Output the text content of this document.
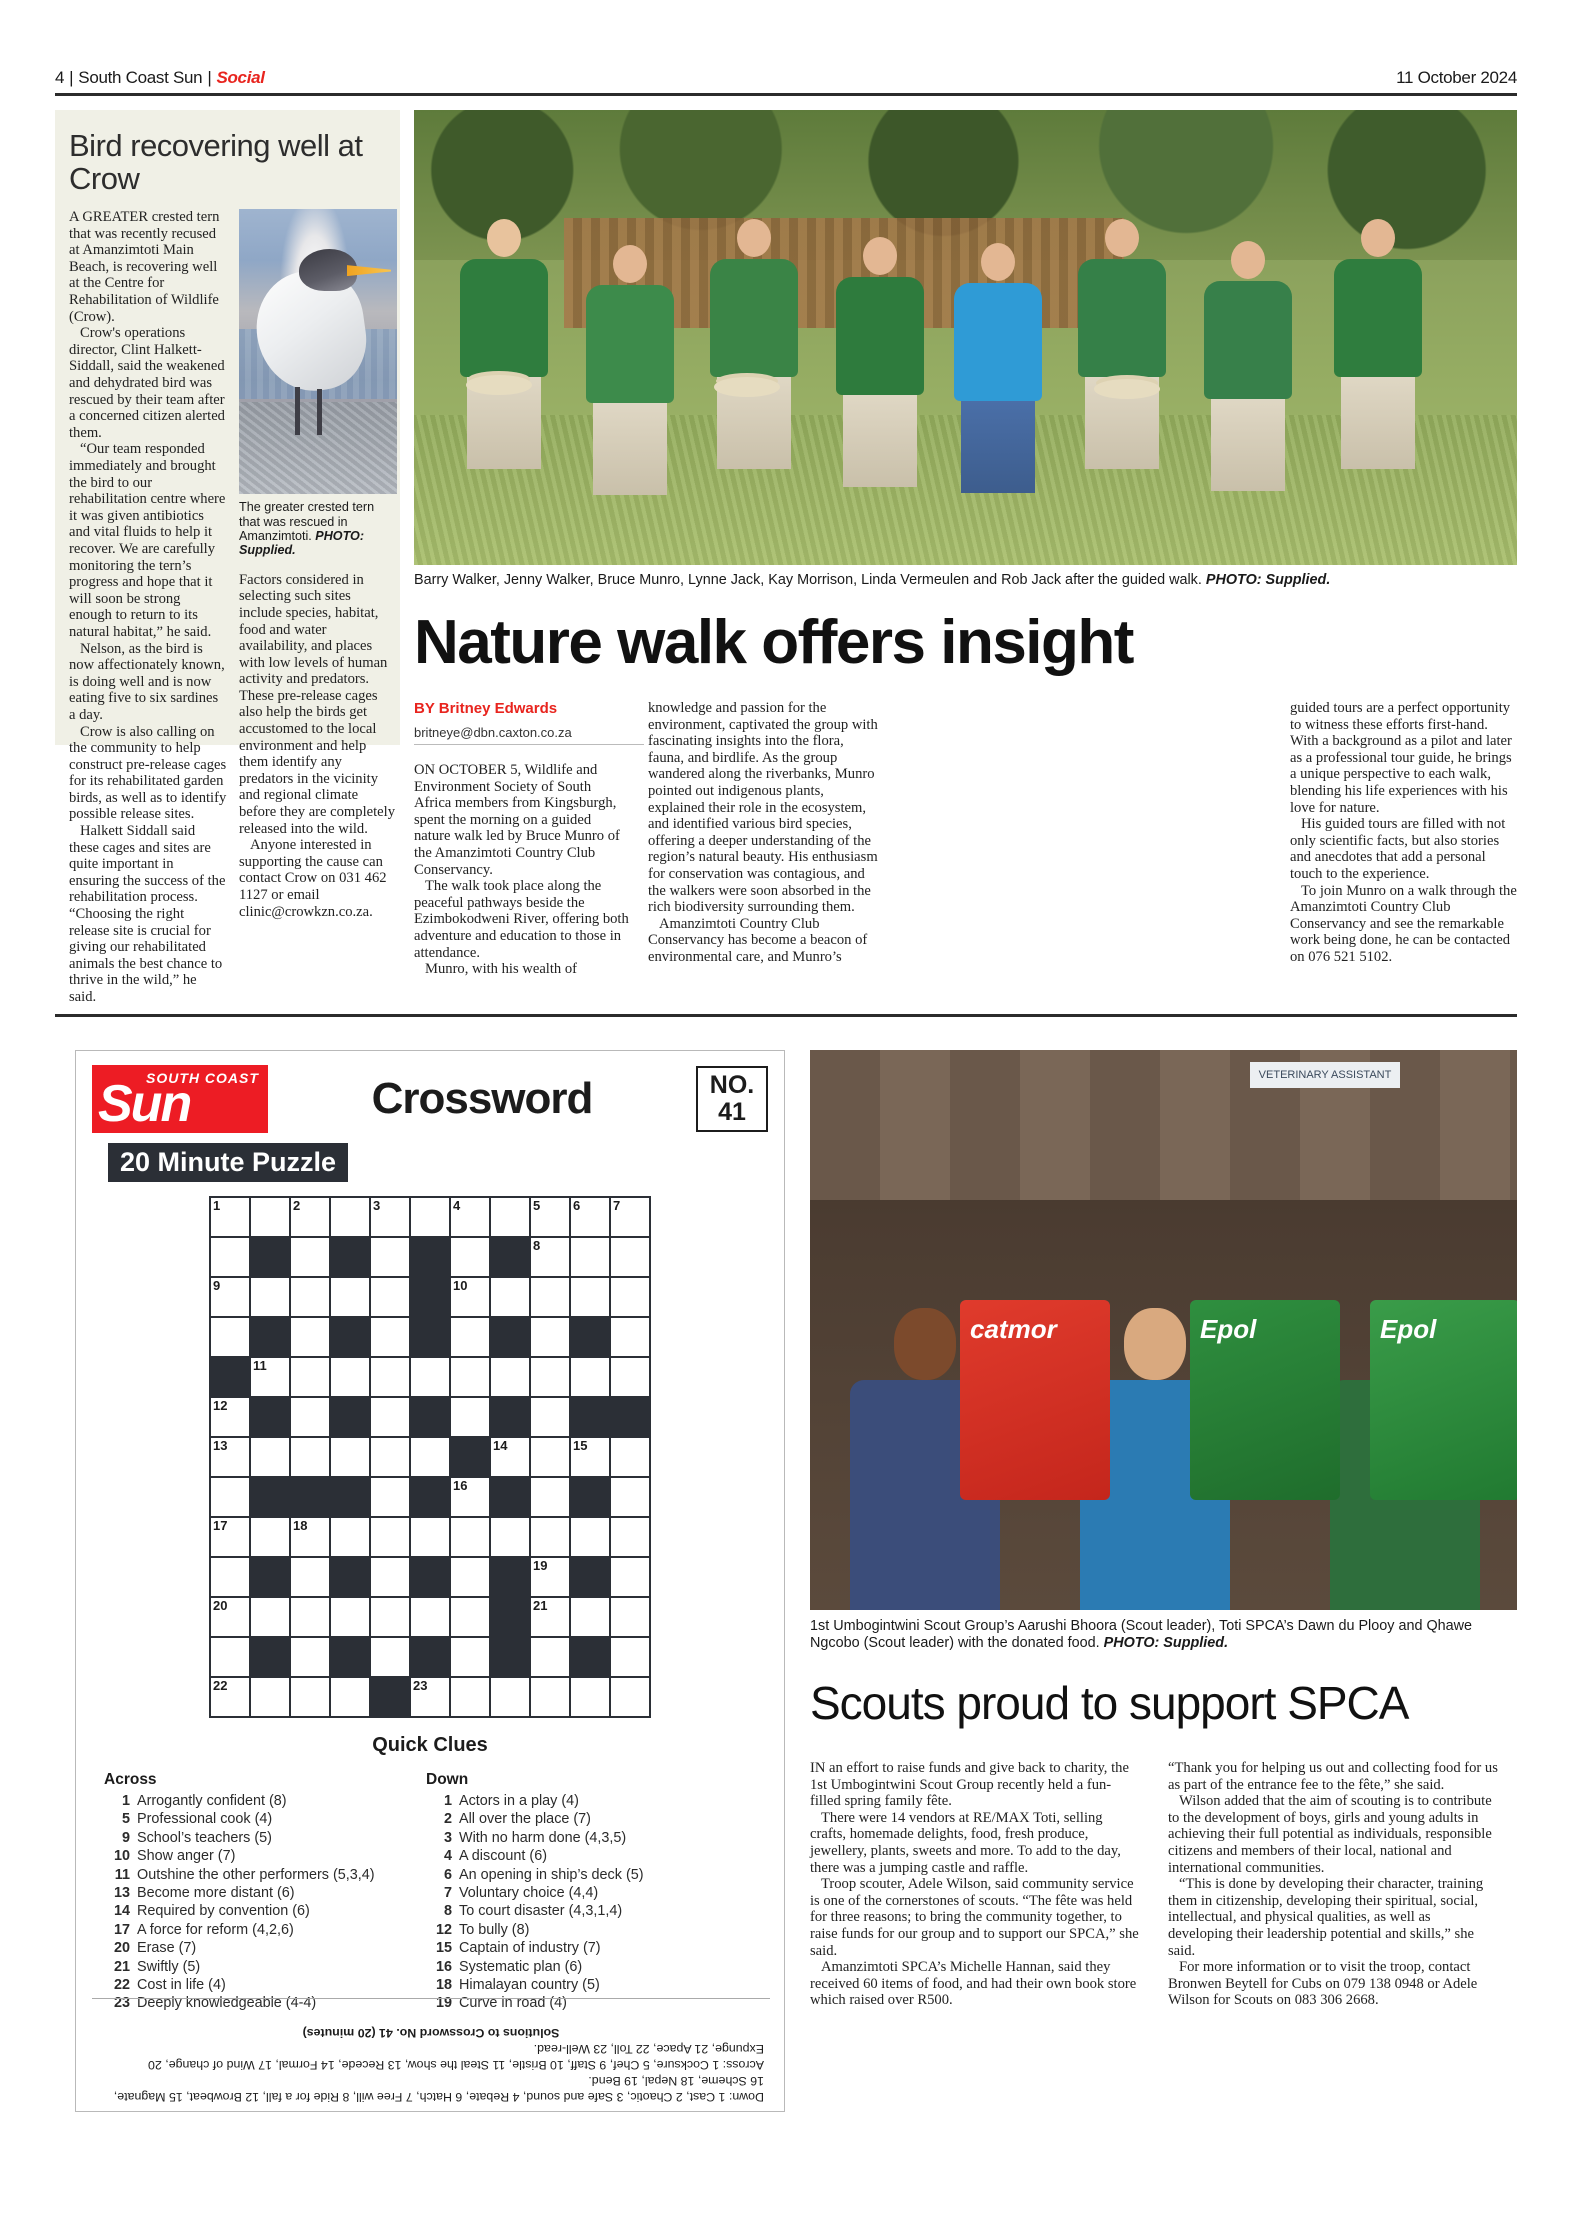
4 | South Coast Sun | Social	11 October 2024
Bird recovering well at Crow

A GREATER crested tern that was recently recused at Amanzimtoti Main Beach, is recovering well at the Centre for Rehabilitation of Wildlife (Crow).

Crow's operations director, Clint Halkett-Siddall, said the weakened and dehydrated bird was rescued by their team after a concerned citizen alerted them.

“Our team responded immediately and brought the bird to our rehabilitation centre where it was given antibiotics and vital fluids to help it recover. We are carefully monitoring the tern’s progress and hope that it will soon be strong enough to return to its natural habitat,” he said.

Nelson, as the bird is now affectionately known, is doing well and is now eating five to six sardines a day.

Crow is also calling on the community to help construct pre-release cages for its rehabilitated garden birds, as well as to identify possible release sites.

Halkett Siddall said these cages and sites are quite important in ensuring the success of the rehabilitation process. “Choosing the right release site is crucial for giving our rehabilitated animals the best chance to thrive in the wild,” he said.

The greater crested tern that was rescued in Amanzimtoti. PHOTO: Supplied.

Factors considered in selecting such sites include species, habitat, food and water availability, and places with low levels of human activity and predators. These pre-release cages also help the birds get accustomed to the local environment and help them identify any predators in the vicinity and regional climate before they are completely released into the wild.

Anyone interested in supporting the cause can contact Crow on 031 462 1127 or email clinic@crowkzn.co.za.

Barry Walker, Jenny Walker, Bruce Munro, Lynne Jack, Kay Morrison, Linda Vermeulen and Rob Jack after the guided walk. PHOTO: Supplied.
Nature walk offers insight
BY Britney Edwards
britneye@dbn.caxton.co.za

ON OCTOBER 5, Wildlife and Environment Society of South Africa members from Kingsburgh, spent the morning on a guided nature walk led by Bruce Munro of the Amanzimtoti Country Club Conservancy.

The walk took place along the peaceful pathways beside the Ezimbokodweni River, offering both adventure and education to those in attendance.

Munro, with his wealth of

knowledge and passion for the environment, captivated the group with fascinating insights into the flora, fauna, and birdlife. As the group wandered along the riverbanks, Munro pointed out indigenous plants, explained their role in the ecosystem, and identified various bird species, offering a deeper understanding of the region’s natural beauty. His enthusiasm for conservation was contagious, and the walkers were soon absorbed in the rich biodiversity surrounding them.

Amanzimtoti Country Club Conservancy has become a beacon of environmental care, and Munro’s

guided tours are a perfect opportunity to witness these efforts first-hand. With a background as a pilot and later as a professional tour guide, he brings a unique perspective to each walk, blending his life experiences with his love for nature.

His guided tours are filled with not only scientific facts, but also stories and anecdotes that add a personal touch to the experience.

To join Munro on a walk through the Amanzimtoti Country Club Conservancy and see the remarkable work being done, he can be contacted on 076 521 5102.

SOUTH COAST
Sun	Crossword	NO.
41
20 Minute Puzzle
1	2	3	4	5	6	7
8
9	10
11
12
13	14	15
16
17	18
19
20	21
22	23
Quick Clues
Across
1 Arrogantly confident (8)
5 Professional cook (4)
9 School’s teachers (5)
10 Show anger (7)
11 Outshine the other performers (5,3,4)
13 Become more distant (6)
14 Required by convention (6)
17 A force for reform (4,2,6)
20 Erase (7)
21 Swiftly (5)
22 Cost in life (4)
23 Deeply knowledgeable (4-4)
Down
1 Actors in a play (4)
2 All over the place (7)
3 With no harm done (4,3,5)
4 A discount (6)
6 An opening in ship’s deck (5)
7 Voluntary choice (4,4)
8 To court disaster (4,3,1,4)
12 To bully (8)
15 Captain of industry (7)
16 Systematic plan (6)
18 Himalayan country (5)
19 Curve in road (4)
Down: 1 Cast, 2 Chaotic, 3 Safe and sound, 4 Rebate, 6 Hatch, 7 Free will, 8 Ride for a fall, 12 Browbeat, 15 Magnate, 16 Scheme, 18 Nepal, 19 Bend.
Across: 1 Cocksure, 5 Chef, 9 Staff, 10 Bristle, 11 Steal the show, 13 Recede, 14 Formal, 17 Wind of change, 20 Expunge, 21 Apace, 22 Toll, 23 Well-read.
Solutions to Crossword No. 41 (20 minutes)
VETERINARY ASSISTANT
catmor	Epol	Epol
1st Umbogintwini Scout Group’s Aarushi Bhoora (Scout leader), Toti SPCA’s Dawn du Plooy and Qhawe Ngcobo (Scout leader) with the donated food. PHOTO: Supplied.
Scouts proud to support SPCA

IN an effort to raise funds and give back to charity, the 1st Umbogintwini Scout Group recently held a fun-filled spring family fête.

There were 14 vendors at RE/MAX Toti, selling crafts, homemade delights, food, fresh produce, jewellery, plants, sweets and more. To add to the day, there was a jumping castle and raffle.

Troop scouter, Adele Wilson, said community service is one of the cornerstones of scouts. “The fête was held for three reasons; to bring the community together, to raise funds for our group and to support our SPCA,” she said.

Amanzimtoti SPCA’s Michelle Hannan, said they received 60 items of food, and had their own book store which raised over R500.

“Thank you for helping us out and collecting food for us as part of the entrance fee to the fête,” she said.

Wilson added that the aim of scouting is to contribute to the development of boys, girls and young adults in achieving their full potential as individuals, responsible citizens and members of their local, national and international communities.

“This is done by developing their character, training them in citizenship, developing their spiritual, social, intellectual, and physical qualities, as well as developing their leadership potential and skills,” she said.

For more information or to visit the troop, contact Bronwen Beytell for Cubs on 079 138 0948 or Adele Wilson for Scouts on 083 306 2668.
